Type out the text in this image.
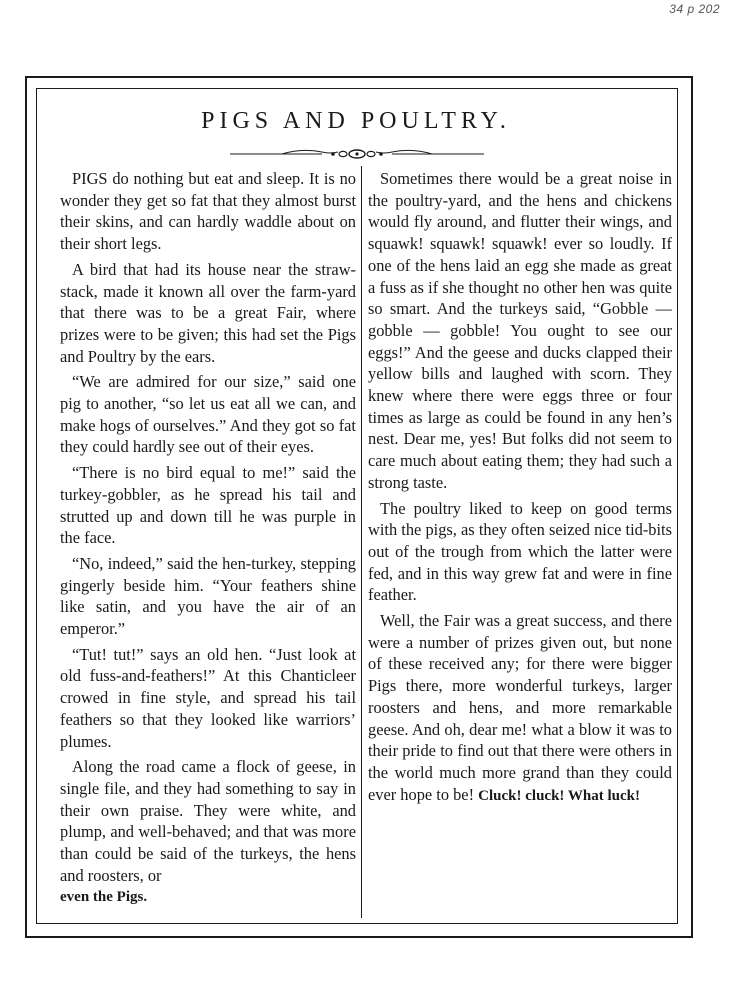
34 p 202
PIGS AND POULTRY.

PIGS do nothing but eat and sleep. It is no wonder they get so fat that they almost burst their skins, and can hardly waddle about on their short legs.

A bird that had its house near the straw-stack, made it known all over the farm-yard that there was to be a great Fair, where prizes were to be given; this had set the Pigs and Poultry by the ears.

“We are admired for our size,” said one pig to another, “so let us eat all we can, and make hogs of ourselves.” And they got so fat they could hardly see out of their eyes.

“There is no bird equal to me!” said the turkey-gobbler, as he spread his tail and strutted up and down till he was purple in the face.

“No, indeed,” said the hen-turkey, stepping gingerly beside him. “Your feathers shine like satin, and you have the air of an emperor.”

“Tut! tut!” says an old hen. “Just look at old fuss-and-feathers!” At this Chanticleer crowed in fine style, and spread his tail feathers so that they looked like warriors’ plumes.

Along the road came a flock of geese, in single file, and they had something to say in their own praise. They were white, and plump, and well-behaved; and that was more than could be said of the turkeys, the hens and roosters, or

even the Pigs.

Sometimes there would be a great noise in the poultry-yard, and the hens and chickens would fly around, and flutter their wings, and squawk! squawk! squawk! ever so loudly. If one of the hens laid an egg she made as great a fuss as if she thought no other hen was quite so smart. And the turkeys said, “Gobble — gobble — gobble! You ought to see our eggs!” And the geese and ducks clapped their yellow bills and laughed with scorn. They knew where there were eggs three or four times as large as could be found in any hen’s nest. Dear me, yes! But folks did not seem to care much about eating them; they had such a strong taste.

The poultry liked to keep on good terms with the pigs, as they often seized nice tid-bits out of the trough from which the latter were fed, and in this way grew fat and were in fine feather.

Well, the Fair was a great success, and there were a number of prizes given out, but none of these received any; for there were bigger Pigs there, more wonderful turkeys, larger roosters and hens, and more remarkable geese. And oh, dear me! what a blow it was to their pride to find out that there were others in the world much more grand than they could ever hope to be! Cluck! cluck! What luck!
